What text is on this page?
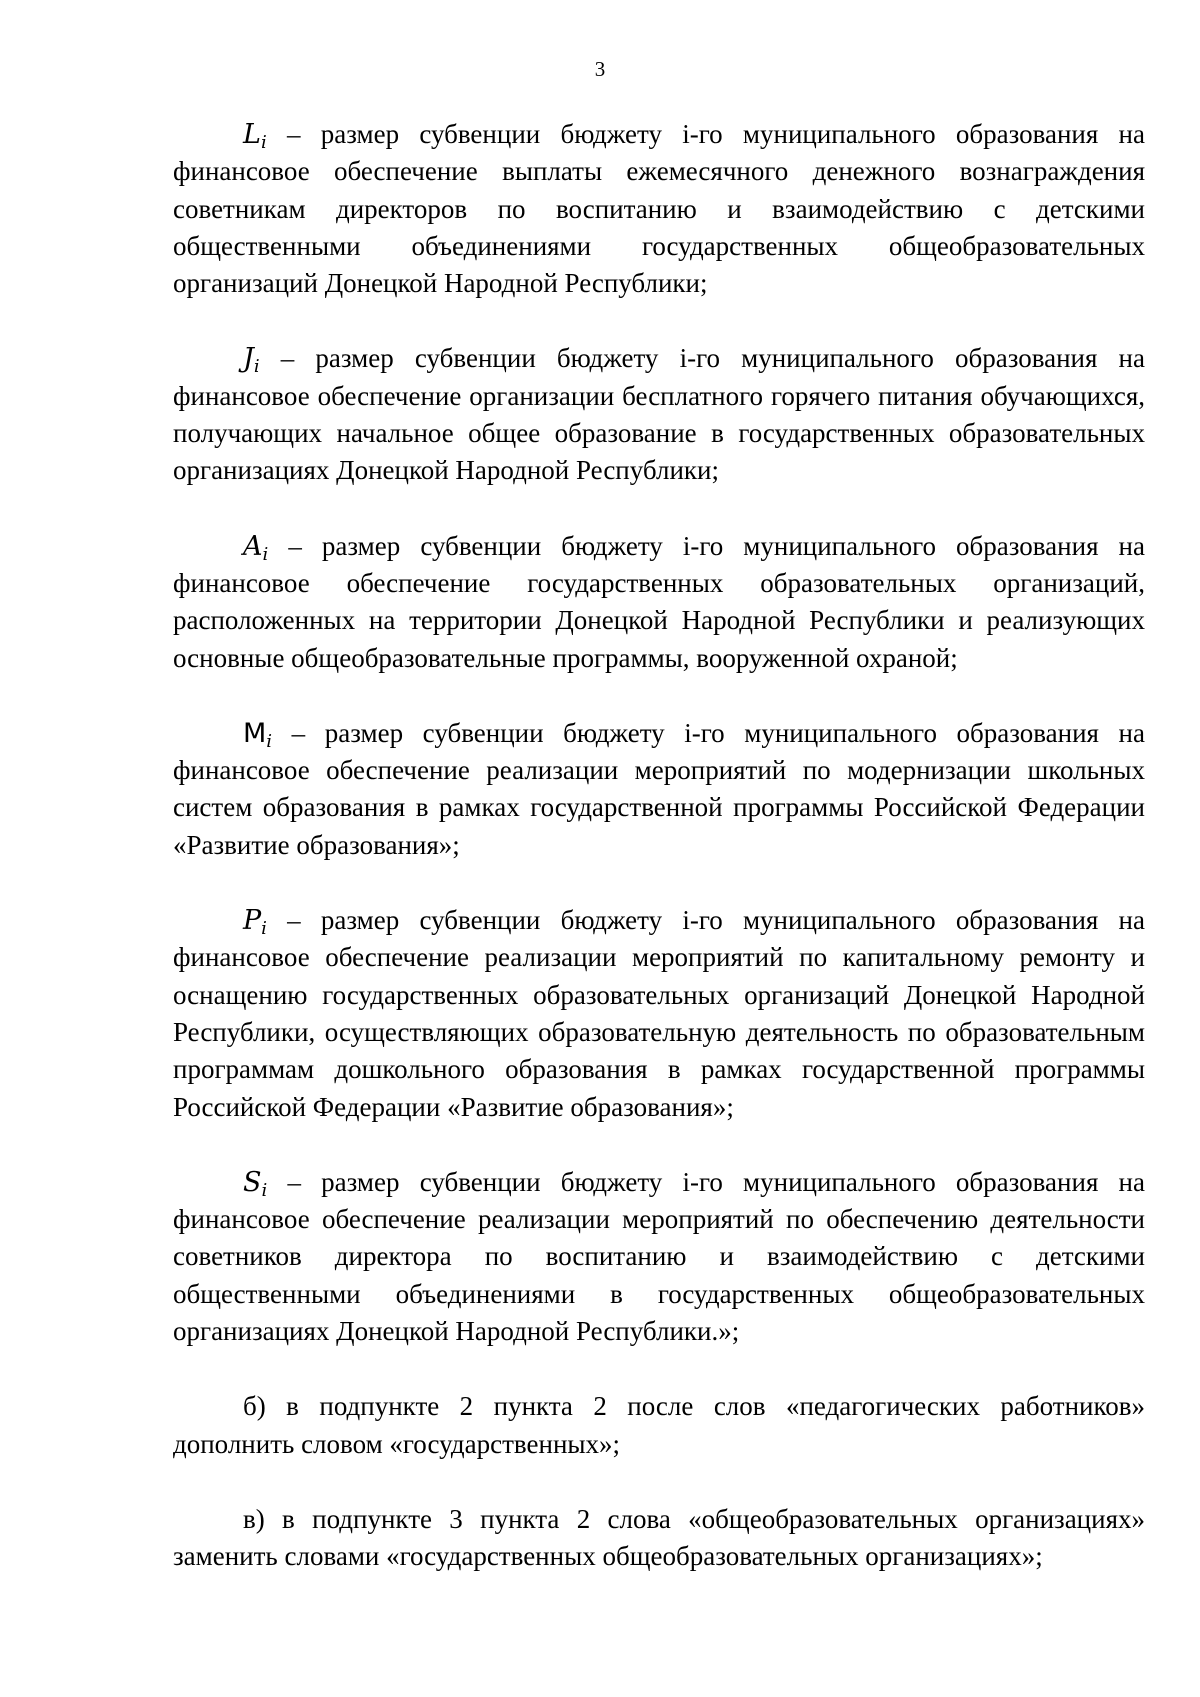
3

$L_i$ – размер субвенции бюджету i-го муниципального образования на финансовое обеспечение выплаты ежемесячного денежного вознаграждения советникам директоров по воспитанию и взаимодействию с детскими общественными объединениями государственных общеобразовательных организаций Донецкой Народной Республики;

$J_i$ – размер субвенции бюджету i-го муниципального образования на финансовое обеспечение организации бесплатного горячего питания обучающихся, получающих начальное общее образование в государственных образовательных организациях Донецкой Народной Республики;

$A_i$ – размер субвенции бюджету i-го муниципального образования на финансовое обеспечение государственных образовательных организаций, расположенных на территории Донецкой Народной Республики и реализующих основные общеобразовательные программы, вооруженной охраной;

$М_i$ – размер субвенции бюджету i-го муниципального образования на финансовое обеспечение реализации мероприятий по модернизации школьных систем образования в рамках государственной программы Российской Федерации «Развитие образования»;

$P_i$ – размер субвенции бюджету i-го муниципального образования на финансовое обеспечение реализации мероприятий по капитальному ремонту и оснащению государственных образовательных организаций Донецкой Народной Республики, осуществляющих образовательную деятельность по образовательным программам дошкольного образования в рамках государственной программы Российской Федерации «Развитие образования»;

$S_i$ – размер субвенции бюджету i-го муниципального образования на финансовое обеспечение реализации мероприятий по обеспечению деятельности советников директора по воспитанию и взаимодействию с детскими общественными объединениями в государственных общеобразовательных организациях Донецкой Народной Республики.»;

б) в подпункте 2 пункта 2 после слов «педагогических работников» дополнить словом «государственных»;

в) в подпункте 3 пункта 2 слова «общеобразовательных организациях» заменить словами «государственных общеобразовательных организациях»;
